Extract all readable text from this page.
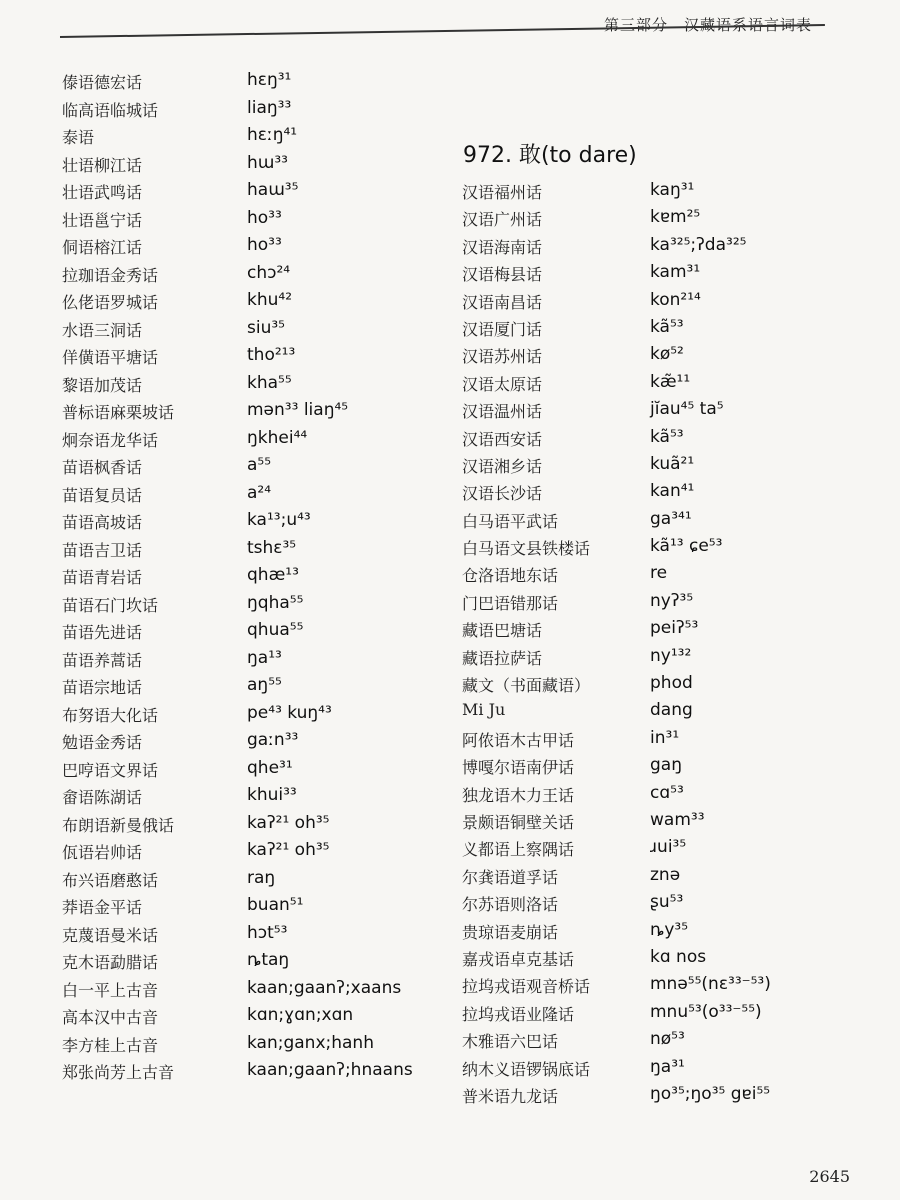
第三部分　汉藏语系语言词表
傣语德宏话	hɛŋ³¹
临高语临城话	liaŋ³³
泰语	hɛːŋ⁴¹
壮语柳江话	hɯ³³
壮语武鸣话	haɯ³⁵
壮语邕宁话	ho³³
侗语榕江话	ho³³
拉珈语金秀话	chɔ²⁴
仫佬语罗城话	khu⁴²
水语三洞话	siu³⁵
佯僙语平塘话	tho²¹³
黎语加茂话	kha⁵⁵
普标语麻栗坡话	mən³³ liaŋ⁴⁵
炯奈语龙华话	ŋkhei⁴⁴
苗语枫香话	a⁵⁵
苗语复员话	a²⁴
苗语高坡话	ka¹³;u⁴³
苗语吉卫话	tshɛ³⁵
苗语青岩话	qhæ¹³
苗语石门坎话	ŋqha⁵⁵
苗语先进话	qhua⁵⁵
苗语养蒿话	ŋa¹³
苗语宗地话	aŋ⁵⁵
布努语大化话	pe⁴³ kuŋ⁴³
勉语金秀话	gaːn³³
巴哼语文界话	qhe³¹
畲语陈湖话	khui³³
布朗语新曼俄话	kaʔ²¹ oh³⁵
佤语岩帅话	kaʔ²¹ oh³⁵
布兴语磨憨话	raŋ
莽语金平话	buan⁵¹
克蔑语曼米话	hɔt⁵³
克木语勐腊话	ȵtaŋ
白一平上古音	kaan;gaanʔ;xaans
高本汉中古音	kɑn;ɣɑn;xɑn
李方桂上古音	kan;ganx;hanh
郑张尚芳上古音	kaan;gaanʔ;hnaans
972. 敢(to dare)
汉语福州话	kaŋ³¹
汉语广州话	kɐm²⁵
汉语海南话	ka³²⁵;ʔda³²⁵
汉语梅县话	kam³¹
汉语南昌话	kon²¹⁴
汉语厦门话	kã⁵³
汉语苏州话	kø⁵²
汉语太原话	kæ̃¹¹
汉语温州话	jĭau⁴⁵ ta⁵
汉语西安话	kã⁵³
汉语湘乡话	kuã²¹
汉语长沙话	kan⁴¹
白马语平武话	ga³⁴¹
白马语文县铁楼话	kã¹³ ɕe⁵³
仓洛语地东话	re
门巴语错那话	nyʔ³⁵
藏语巴塘话	peiʔ⁵³
藏语拉萨话	ny¹³²
藏文（书面藏语）	phod
Mi Ju	dang
阿侬语木古甲话	in³¹
博嘎尔语南伊话	gaŋ
独龙语木力王话	cɑ⁵³
景颇语铜壁关话	wam³³
义都语上察隅话	ɹui³⁵
尔龚语道孚话	znə
尔苏语则洛话	ʂu⁵³
贵琼语麦崩话	ȵy³⁵
嘉戎语卓克基话	kɑ nos
拉坞戎语观音桥话	mnə⁵⁵(nɛ³³⁻⁵³)
拉坞戎语业隆话	mnu⁵³(o³³⁻⁵⁵)
木雅语六巴话	nø⁵³
纳木义语锣锅底话	ŋa³¹
普米语九龙话	ŋo³⁵;ŋo³⁵ gɐi⁵⁵
2645
